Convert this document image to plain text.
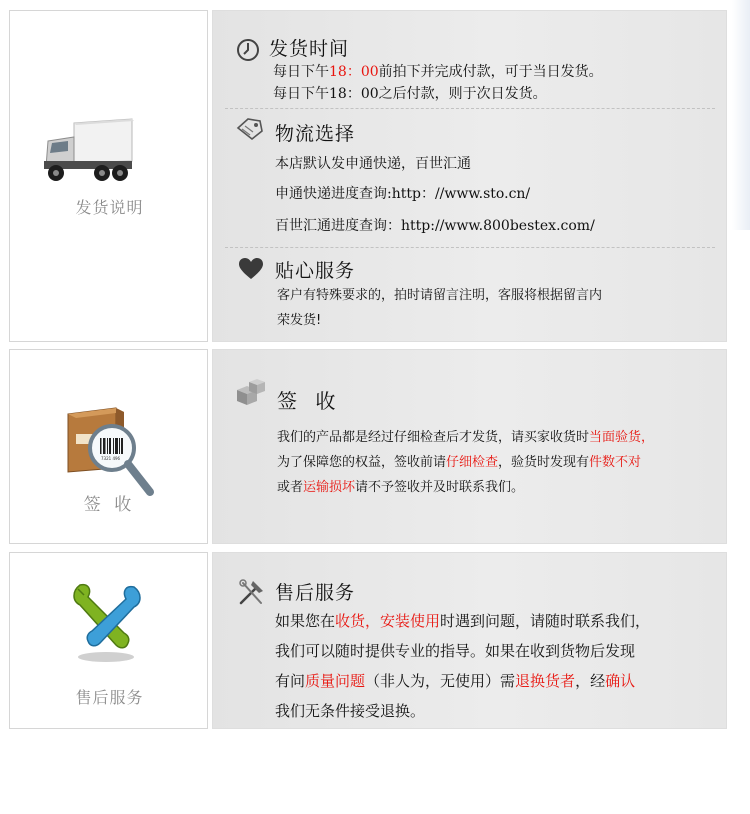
发货说明
发货时间
每日下午18：00前拍下并完成付款，可于当日发货。
每日下午18：00之后付款，则于次日发货。
物流选择
本店默认发申通快递，百世汇通
申通快递进度查询:http：//www.sto.cn/
百世汇通进度查询：http://www.800bestex.com/
贴心服务
客户有特殊要求的，拍时请留言注明，客服将根据留言内
荣发货!
7321 496
签 收
签 收
我们的产品都是经过仔细检查后才发货，请买家收货时当面验货，
为了保障您的权益，签收前请仔细检查，验货时发现有件数不对
或者运输损坏请不予签收并及时联系我们。
售后服务
售后服务
如果您在收货，安装使用时遇到问题，请随时联系我们，
我们可以随时提供专业的指导。如果在收到货物后发现
有问质量问题（非人为，无使用）需退换货者，经确认
我们无条件接受退换。
